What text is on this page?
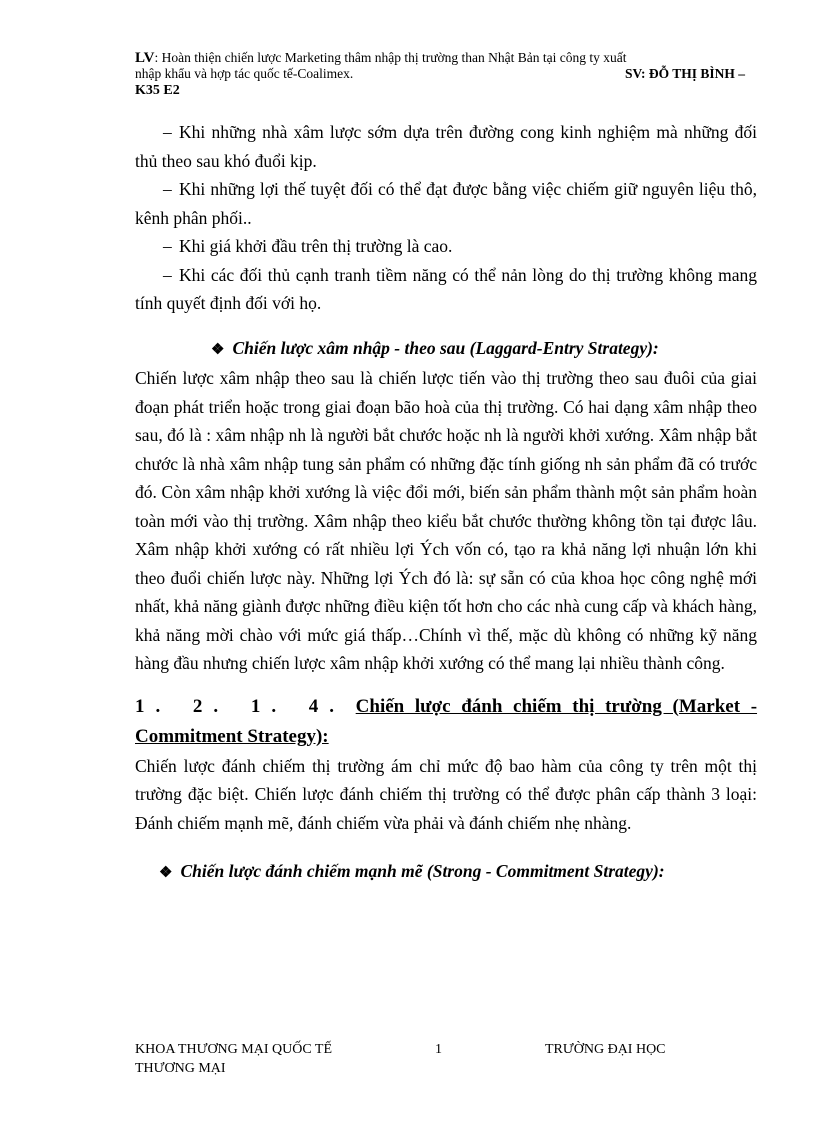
LV: Hoàn thiện chiến lược Marketing thâm nhập thị trường than Nhật Bản tại công ty xuất
nhập khẩu và hợp tác quốc tế-Coalimex.	SV: ĐỖ THỊ BÌNH –
K35 E2

– Khi những nhà xâm lược sớm dựa trên đường cong kinh nghiệm mà những đối thủ theo sau khó đuổi kịp.

– Khi những lợi thế tuyệt đối có thể đạt được bằng việc chiếm giữ nguyên liệu thô, kênh phân phối..

– Khi giá khởi đầu trên thị trường là cao.

– Khi các đối thủ cạnh tranh tiềm năng có thể nản lòng do thị trường không mang tính quyết định đối với họ.

❖ Chiến lược xâm nhập - theo sau (Laggard-Entry Strategy):

Chiến lược xâm nhập theo sau là chiến lược tiến vào thị trường theo sau đuôi của giai đoạn phát triển hoặc trong giai đoạn bão hoà của thị trường. Có hai dạng xâm nhập theo sau, đó là : xâm nhập nh là người bắt chước hoặc nh là người khởi xướng. Xâm nhập bắt chước là nhà xâm nhập tung sản phẩm có những đặc tính giống nh sản phẩm đã có trước đó. Còn xâm nhập khởi xướng là việc đổi mới, biến sản phẩm thành một sản phẩm hoàn toàn mới vào thị trường. Xâm nhập theo kiểu bắt chước thường không tồn tại được lâu. Xâm nhập khởi xướng có rất nhiều lợi Ých vốn có, tạo ra khả năng lợi nhuận lớn khi theo đuổi chiến lược này. Những lợi Ých đó là: sự sẵn có của khoa học công nghệ mới nhất, khả năng giành được những điều kiện tốt hơn cho các nhà cung cấp và khách hàng, khả năng mời chào với mức giá thấp…Chính vì thế, mặc dù không có những kỹ năng hàng đầu nhưng chiến lược xâm nhập khởi xướng có thể mang lại nhiều thành công.

1. 2. 1. 4. Chiến lược đánh chiếm thị trường (Market - Commitment Strategy):

Chiến lược đánh chiếm thị trường ám chỉ mức độ bao hàm của công ty trên một thị trường đặc biệt. Chiến lược đánh chiếm thị trường có thể được phân cấp thành 3 loại: Đánh chiếm mạnh mẽ, đánh chiếm vừa phải và đánh chiếm nhẹ nhàng.

❖ Chiến lược đánh chiếm mạnh mẽ (Strong - Commitment Strategy):
KHOA THƯƠNG MẠI QUỐC TẾ	1	TRƯỜNG ĐẠI HỌC
THƯƠNG MẠI
